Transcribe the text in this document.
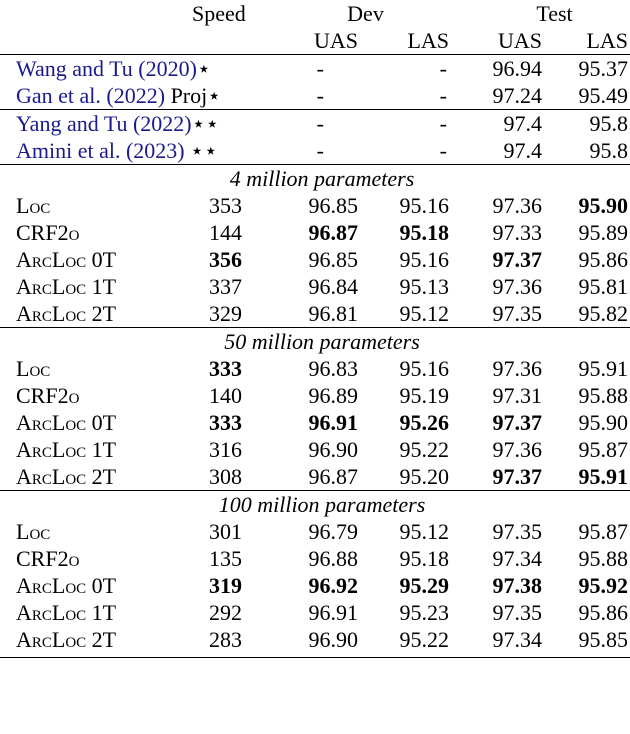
	Speed	Dev		Test	
		UAS	LAS	UAS	LAS
Wang and Tu (2020)⋆		-	-	96.94	95.37
Gan et al. (2022) Proj⋆		-	-	97.24	95.49
Yang and Tu (2022)⋆⋆		-	-	97.4	95.8
Amini et al. (2023) ⋆⋆		-	-	97.4	95.8
4 million parameters					
Loc	353	96.85	95.16	97.36	95.90
CRF2o	144	96.87	95.18	97.33	95.89
ArcLoc 0T	356	96.85	95.16	97.37	95.86
ArcLoc 1T	337	96.84	95.13	97.36	95.81
ArcLoc 2T	329	96.81	95.12	97.35	95.82
50 million parameters					
Loc	333	96.83	95.16	97.36	95.91
CRF2o	140	96.89	95.19	97.31	95.88
ArcLoc 0T	333	96.91	95.26	97.37	95.90
ArcLoc 1T	316	96.90	95.22	97.36	95.87
ArcLoc 2T	308	96.87	95.20	97.37	95.91
100 million parameters					
Loc	301	96.79	95.12	97.35	95.87
CRF2o	135	96.88	95.18	97.34	95.88
ArcLoc 0T	319	96.92	95.29	97.38	95.92
ArcLoc 1T	292	96.91	95.23	97.35	95.86
ArcLoc 2T	283	96.90	95.22	97.34	95.85
